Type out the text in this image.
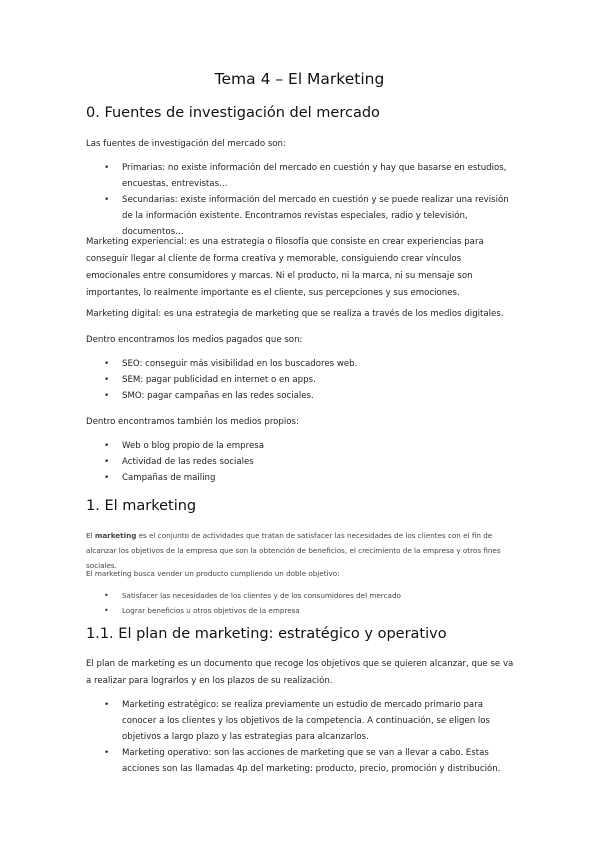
Tema 4 – El Marketing
0. Fuentes de investigación del mercado

Las fuentes de investigación del mercado son:

• Primarias: no existe información del mercado en cuestión y hay que basarse en estudios, encuestas, entrevistas…
• Secundarias: existe información del mercado en cuestión y se puede realizar una revisión de la información existente. Encontramos revistas especiales, radio y televisión, documentos…

Marketing experiencial: es una estrategia o filosofía que consiste en crear experiencias para conseguir llegar al cliente de forma creativa y memorable, consiguiendo crear vínculos emocionales entre consumidores y marcas. Ni el producto, ni la marca, ni su mensaje son importantes, lo realmente importante es el cliente, sus percepciones y sus emociones.

Marketing digital: es una estrategia de marketing que se realiza a través de los medios digitales.

Dentro encontramos los medios pagados que son:

• SEO: conseguir más visibilidad en los buscadores web.
• SEM: pagar publicidad en internet o en apps.
• SMO: pagar campañas en las redes sociales.

Dentro encontramos también los medios propios:

• Web o blog propio de la empresa
• Actividad de las redes sociales
• Campañas de mailing
1. El marketing

El marketing es el conjunto de actividades que tratan de satisfacer las necesidades de los clientes con el fin de alcanzar los objetivos de la empresa que son la obtención de beneficios, el crecimiento de la empresa y otros fines sociales.

El marketing busca vender un producto cumpliendo un doble objetivo:

• Satisfacer las necesidades de los clientes y de los consumidores del mercado
• Lograr beneficios u otros objetivos de la empresa
1.1. El plan de marketing: estratégico y operativo

El plan de marketing es un documento que recoge los objetivos que se quieren alcanzar, que se va a realizar para lograrlos y en los plazos de su realización.

• Marketing estratégico: se realiza previamente un estudio de mercado primario para conocer a los clientes y los objetivos de la competencia. A continuación, se eligen los objetivos a largo plazo y las estrategias para alcanzarlos.
• Marketing operativo: son las acciones de marketing que se van a llevar a cabo. Estas acciones son las llamadas 4p del marketing: producto, precio, promoción y distribución.
